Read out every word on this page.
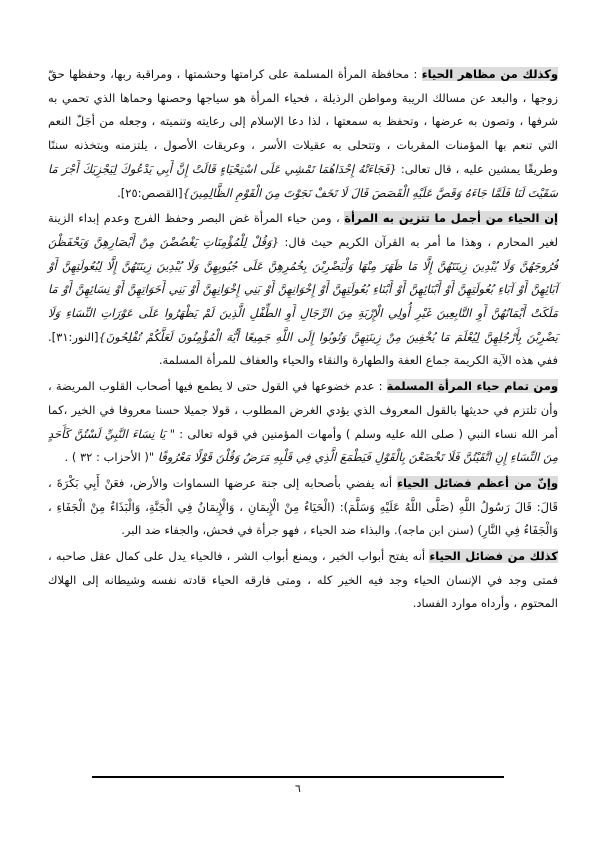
وكذلك من مظاهر الحياء : محافظة المرأة المسلمة على كرامتها وحشمتها ، ومراقبة ربها، وحفظها حقّ زوجها ، والبعد عن مسالك الريبة ومواطن الرذيلة ، فحياء المرأة هو سياجها وحصنها وحماها الذي تحمي به شرفها ، وتصون به عرضها ، وتحفظ به سمعتها ، لذا دعا الإسلام إلى رعايته وتنميته ، وجعله من أجَلّ النعم التي تنعم بها المؤمنات المقربات ، وتتحلى به عقيلات الأسر ، وعريقات الأصول ، يلتزمنه ويتخذنه سننًا وطريقًا يمشين عليه ، قال تعالى: {فَجَاءَتْهُ إِحْدَاهُمَا تَمْشِي عَلَى اسْتِحْيَاءٍ قَالَتْ إِنَّ أَبِي يَدْعُوكَ لِيَجْزِيَكَ أَجْرَ مَا سَقَيْتَ لَنَا فَلَمَّا جَاءَهُ وَقَصَّ عَلَيْهِ الْقَصَصَ قَالَ لَا تَخَفْ نَجَوْتَ مِنَ الْقَوْمِ الظَّالِمِينَ}[القصص:٢٥].

إن الحياء من أجمل ما تتزين به المرأة ، ومن حياء المرأة غض البصر وحفظ الفرج وعدم إبداء الزينة لغير المحارم ، وهذا ما أمر به القرآن الكريم حيث قال: {وَقُلْ لِلْمُؤْمِنَاتِ يَغْضُضْنَ مِنْ أَبْصَارِهِنَّ وَيَحْفَظْنَ فُرُوجَهُنَّ وَلَا يُبْدِينَ زِينَتَهُنَّ إِلَّا مَا ظَهَرَ مِنْهَا وَلْيَضْرِبْنَ بِخُمُرِهِنَّ عَلَى جُيُوبِهِنَّ وَلَا يُبْدِينَ زِينَتَهُنَّ إِلَّا لِبُعُولَتِهِنَّ أَوْ آبَائِهِنَّ أَوْ آبَاءِ بُعُولَتِهِنَّ أَوْ أَبْنَائِهِنَّ أَوْ أَبْنَاءِ بُعُولَتِهِنَّ أَوْ إِخْوَانِهِنَّ أَوْ بَنِي إِخْوَانِهِنَّ أَوْ بَنِي أَخَوَاتِهِنَّ أَوْ نِسَائِهِنَّ أَوْ مَا مَلَكَتْ أَيْمَانُهُنَّ أَوِ التَّابِعِينَ غَيْرِ أُولِي الْإِرْبَةِ مِنَ الرِّجَالِ أَوِ الطِّفْلِ الَّذِينَ لَمْ يَظْهَرُوا عَلَى عَوْرَاتِ النِّسَاءِ وَلَا يَضْرِبْنَ بِأَرْجُلِهِنَّ لِيُعْلَمَ مَا يُخْفِينَ مِنْ زِينَتِهِنَّ وَتُوبُوا إِلَى اللَّهِ جَمِيعًا أَيُّهَ الْمُؤْمِنُونَ لَعَلَّكُمْ تُفْلِحُونَ}[النور:٣١]. ففي هذه الآية الكريمة جماع العفة والطهارة والنقاء والحياء والعفاف للمرأة المسلمة.

ومن تمام حياء المرأة المسلمة : عدم خضوعها في القول حتى لا يطمع فيها أصحاب القلوب المريضة ، وأن تلتزم في حديثها بالقول المعروف الذي يؤدي الغرض المطلوب ، قولا جميلا حسنا معروفا في الخير ،كما أمر الله نساء النبي ( صلى الله عليه وسلم ) وأمهات المؤمنين في قوله تعالى : " يَا نِسَاءَ النَّبِيِّ لَسْتُنَّ كَأَحَدٍ مِنَ النِّسَاءِ إِنِ اتَّقَيْتُنَّ فَلَا تَخْضَعْنَ بِالْقَوْلِ فَيَطْمَعَ الَّذِي فِي قَلْبِهِ مَرَضٌ وَقُلْنَ قَوْلًا مَعْرُوفًا "( الأحزاب : ٣٢ ) .

وإنّ من أعظم فضائل الحياء أنه يفضي بأصحابه إلى جنة عرضها السماوات والأرض، فعَنْ أَبِي بَكْرَةَ ، قَالَ: قَالَ رَسُولُ اللَّهِ (صَلَّى اللَّهُ عَلَيْهِ وَسَلَّمَ): (الْحَيَاءُ مِنْ الْإِيمَانِ ، وَالْإِيمَانُ فِي الْجَنَّةِ، وَالْبَذَاءُ مِنْ الْجَفَاءِ ، وَالْجَفَاءُ فِي النَّارِ) (سنن ابن ماجه). والبذاء ضد الحياء ، فهو جرأة في فحش، والجفاء ضد البر.

كذلك من فضائل الحياء أنه يفتح أبواب الخير ، ويمنع أبواب الشر ، فالحياء يدل على كمال عقل صاحبه ، فمتى وجد في الإنسان الحياء وجد فيه الخير كله ، ومتى فارقه الحياء قادته نفسه وشيطانه إلى الهلاك المحتوم ، وأرداه موارد الفساد.

٦
